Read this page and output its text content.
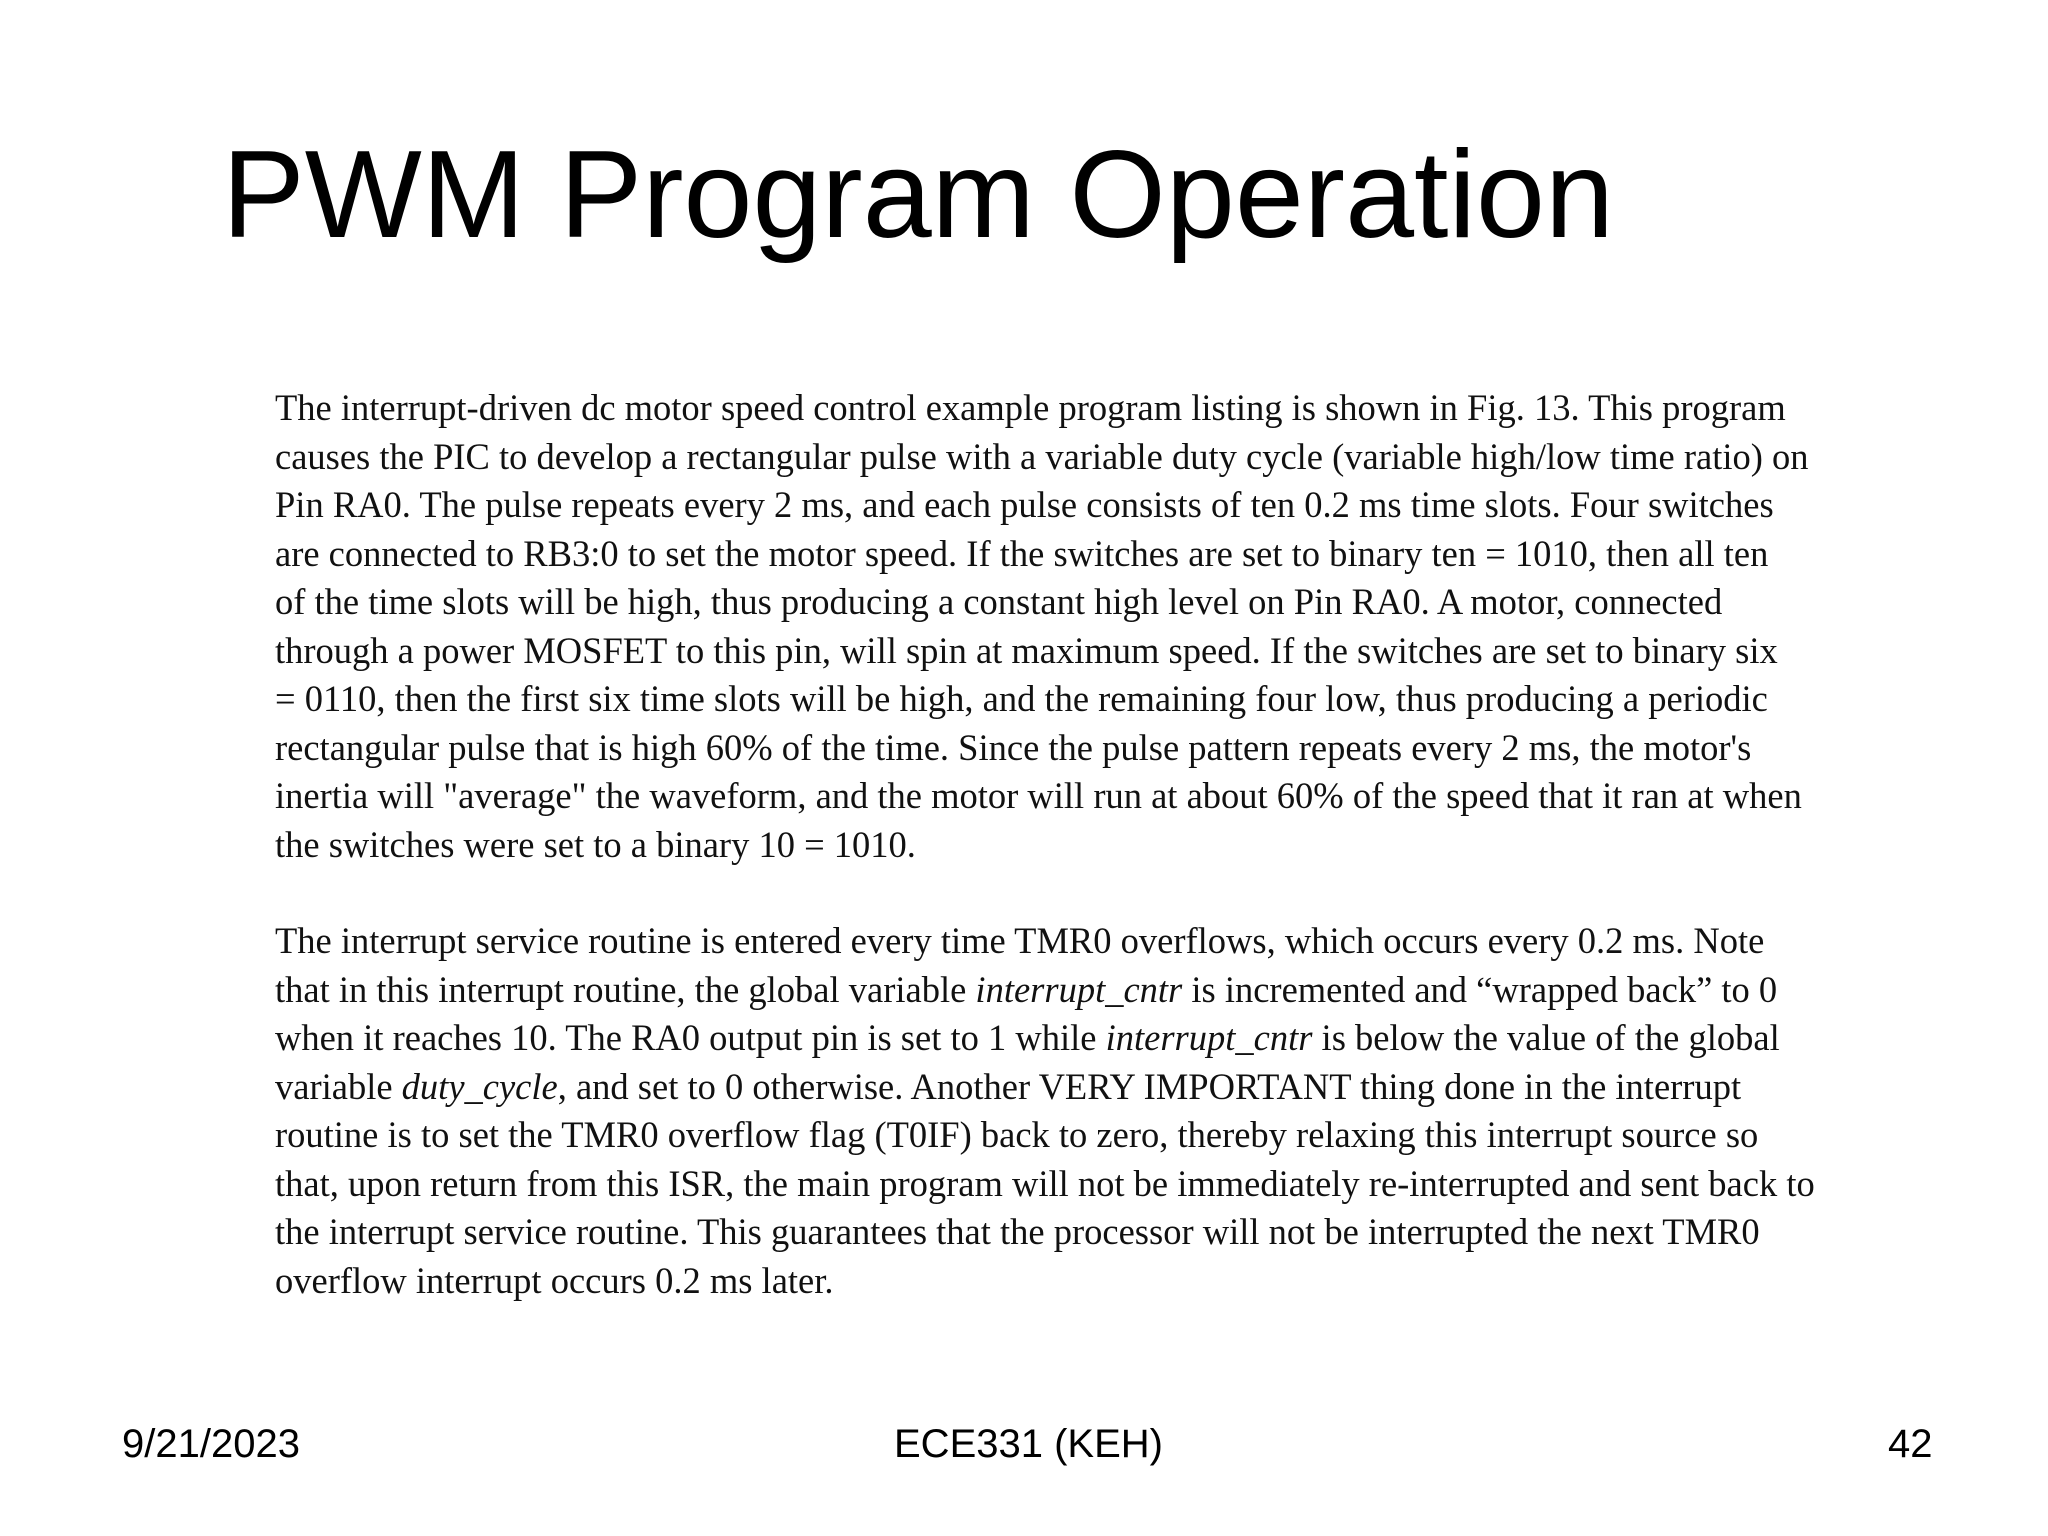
PWM Program Operation

The interrupt-driven dc motor speed control example program listing is shown in Fig. 13. This program
causes the PIC to develop a rectangular pulse with a variable duty cycle (variable high/low time ratio) on
Pin RA0. The pulse repeats every 2 ms, and each pulse consists of ten 0.2 ms time slots. Four switches
are connected to RB3:0 to set the motor speed. If the switches are set to binary ten = 1010, then all ten
of the time slots will be high, thus producing a constant high level on Pin RA0. A motor, connected
through a power MOSFET to this pin, will spin at maximum speed. If the switches are set to binary six
= 0110, then the first six time slots will be high, and the remaining four low, thus producing a periodic
rectangular pulse that is high 60% of the time. Since the pulse pattern repeats every 2 ms, the motor's
inertia will "average" the waveform, and the motor will run at about 60% of the speed that it ran at when
the switches were set to a binary 10 = 1010.

The interrupt service routine is entered every time TMR0 overflows, which occurs every 0.2 ms. Note
that in this interrupt routine, the global variable interrupt_cntr is incremented and “wrapped back” to 0
when it reaches 10. The RA0 output pin is set to 1 while interrupt_cntr is below the value of the global
variable duty_cycle, and set to 0 otherwise. Another VERY IMPORTANT thing done in the interrupt
routine is to set the TMR0 overflow flag (T0IF) back to zero, thereby relaxing this interrupt source so
that, upon return from this ISR, the main program will not be immediately re-interrupted and sent back to
the interrupt service routine. This guarantees that the processor will not be interrupted the next TMR0
overflow interrupt occurs 0.2 ms later.

9/21/2023	ECE331 (KEH)	42
